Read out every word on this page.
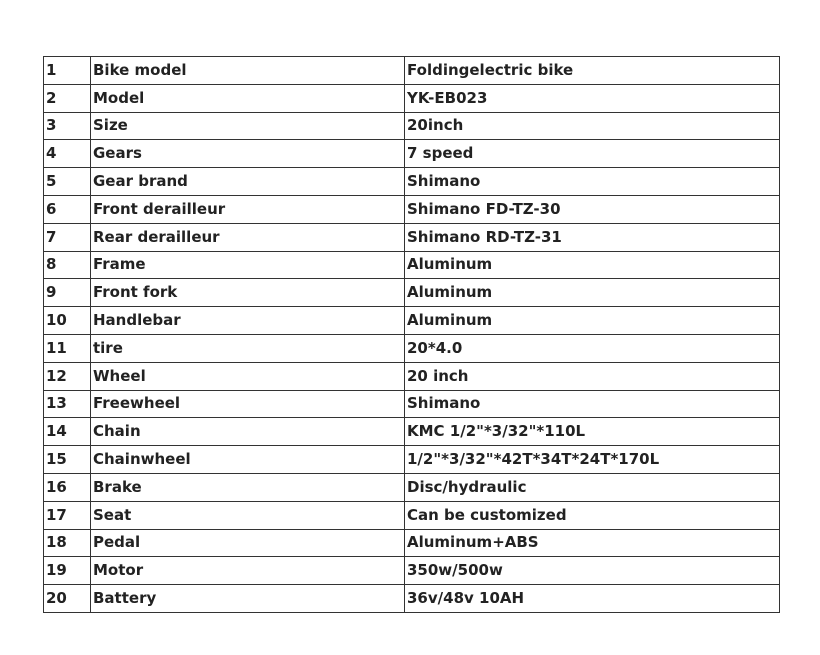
1	Bike model	Foldingelectric bike
2	Model	YK-EB023
3	Size	20inch
4	Gears	7 speed
5	Gear brand	Shimano
6	Front derailleur	Shimano FD-TZ-30
7	Rear derailleur	Shimano RD-TZ-31
8	Frame	Aluminum
9	Front fork	Aluminum
10	Handlebar	Aluminum
11	tire	20*4.0
12	Wheel	20 inch
13	Freewheel	Shimano
14	Chain	KMC 1/2"*3/32"*110L
15	Chainwheel	1/2"*3/32"*42T*34T*24T*170L
16	Brake	Disc/hydraulic
17	Seat	Can be customized
18	Pedal	Aluminum+ABS
19	Motor	350w/500w
20	Battery	36v/48v 10AH
